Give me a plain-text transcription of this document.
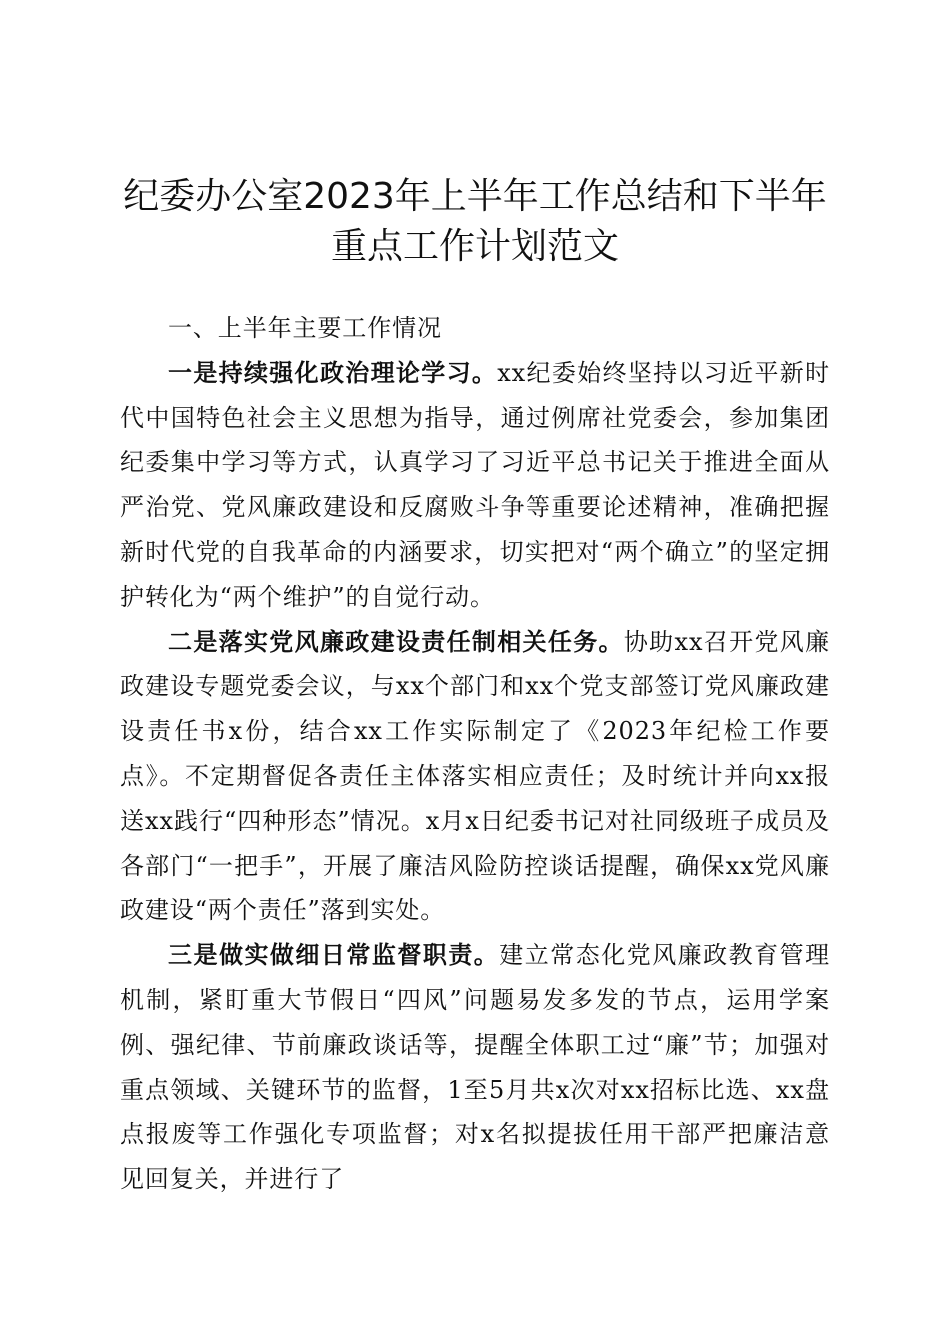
纪委办公室2023年上半年工作总结和下半年
重点工作计划范文

一、上半年主要工作情况

一是持续强化政治理论学习。xx纪委始终坚持以习近平新时代中国特色社会主义思想为指导，通过例席社党委会，参加集团纪委集中学习等方式，认真学习了习近平总书记关于推进全面从严治党、党风廉政建设和反腐败斗争等重要论述精神，准确把握新时代党的自我革命的内涵要求，切实把对“两个确立”的坚定拥护转化为“两个维护”的自觉行动。

二是落实党风廉政建设责任制相关任务。协助xx召开党风廉政建设专题党委会议，与xx个部门和xx个党支部签订党风廉政建设责任书x份，结合xx工作实际制定了《2023年纪检工作要点》。不定期督促各责任主体落实相应责任；及时统计并向xx报送xx践行“四种形态”情况。x月x日纪委书记对社同级班子成员及各部门“一把手”，开展了廉洁风险防控谈话提醒，确保xx党风廉政建设“两个责任”落到实处。

三是做实做细日常监督职责。建立常态化党风廉政教育管理机制，紧盯重大节假日“四风”问题易发多发的节点，运用学案例、强纪律、节前廉政谈话等，提醒全体职工过“廉”节；加强对重点领域、关键环节的监督，1至5月共x次对xx招标比选、xx盘点报废等工作强化专项监督；对x名拟提拔任用干部严把廉洁意见回复关，并进行了
